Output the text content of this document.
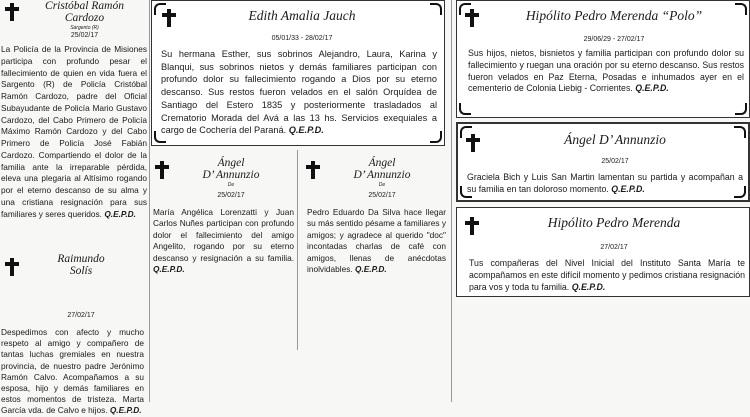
Cristóbal Ramón
Cardozo
Sargento (R)
25/02/17
La Policía de la Provincia de Misiones participa con profundo pesar el fallecimiento de quien en vida fuera el Sargento (R) de Policía Cristóbal Ramón Cardozo, padre del Oficial Subayudante de Policía Mario Gustavo Cardozo, del Cabo Primero de Policía Máximo Ramón Cardozo y del Cabo Primero de Policía José Fabián Cardozo. Compartiendo el dolor de la familia ante la irreparable pérdida, eleva una plegaria al Altísimo rogando por el eterno descanso de su alma y una cristiana resignación para sus familiares y seres queridos. Q.E.P.D.
Raimundo
Solís
27/02/17
Despedimos con afecto y mucho respeto al amigo y compañero de tantas luchas gremiales en nuestra provincia, de nuestro padre Jerónimo Ramón Calvo. Acompañamos a su esposa, hijo y demás familiares en estos momentos de tristeza. Marta García vda. de Calvo e hijos. Q.E.P.D.
Edith Amalia Jauch
05/01/33 - 28/02/17
Su hermana Esther, sus sobrinos Alejandro, Laura, Karina y Blanqui, sus sobrinos nietos y demás familiares participan con profundo dolor su fallecimiento rogando a Dios por su eterno descanso. Sus restos fueron velados en el salón Orquídea de Santiago del Estero 1835 y posteriormente trasladados al Crematorio Morada del Avá a las 13 hs. Servicios exequiales a cargo de Cochería del Paraná. Q.E.P.D.
Ángel
D’ Annunzio
De
25/02/17
María Angélica Lorenzatti y Juan Carlos Nuñes participan con profundo dolor el fallecimiento del amigo Angelito, rogando por su eterno descanso y resignación a su familia. Q.E.P.D.
Ángel
D’ Annunzio
De
25/02/17
Pedro Eduardo Da Silva hace llegar su más sentido pésame a familiares y amigos; y agradece al querido "doc" incontadas charlas de café con amigos, llenas de anécdotas inolvidables. Q.E.P.D.
Hipólito Pedro Merenda “Polo”
29/06/29 - 27/02/17
Sus hijos, nietos, bisnietos y familia participan con profundo dolor su fallecimiento y ruegan una oración por su eterno descanso. Sus restos fueron velados en Paz Eterna, Posadas e inhumados ayer en el cementerio de Colonia Liebig - Corrientes. Q.E.P.D.
Ángel D’ Annunzio
25/02/17
Graciela Bich y Luis San Martin lamentan su partida y acompañan a su familia en tan doloroso momento. Q.E.P.D.
Hipólito Pedro Merenda
27/02/17
Tus compañeras del Nivel Inicial del Instituto Santa María te acompañamos en este difícil momento y pedimos cristiana resignación para vos y toda tu familia. Q.E.P.D.
